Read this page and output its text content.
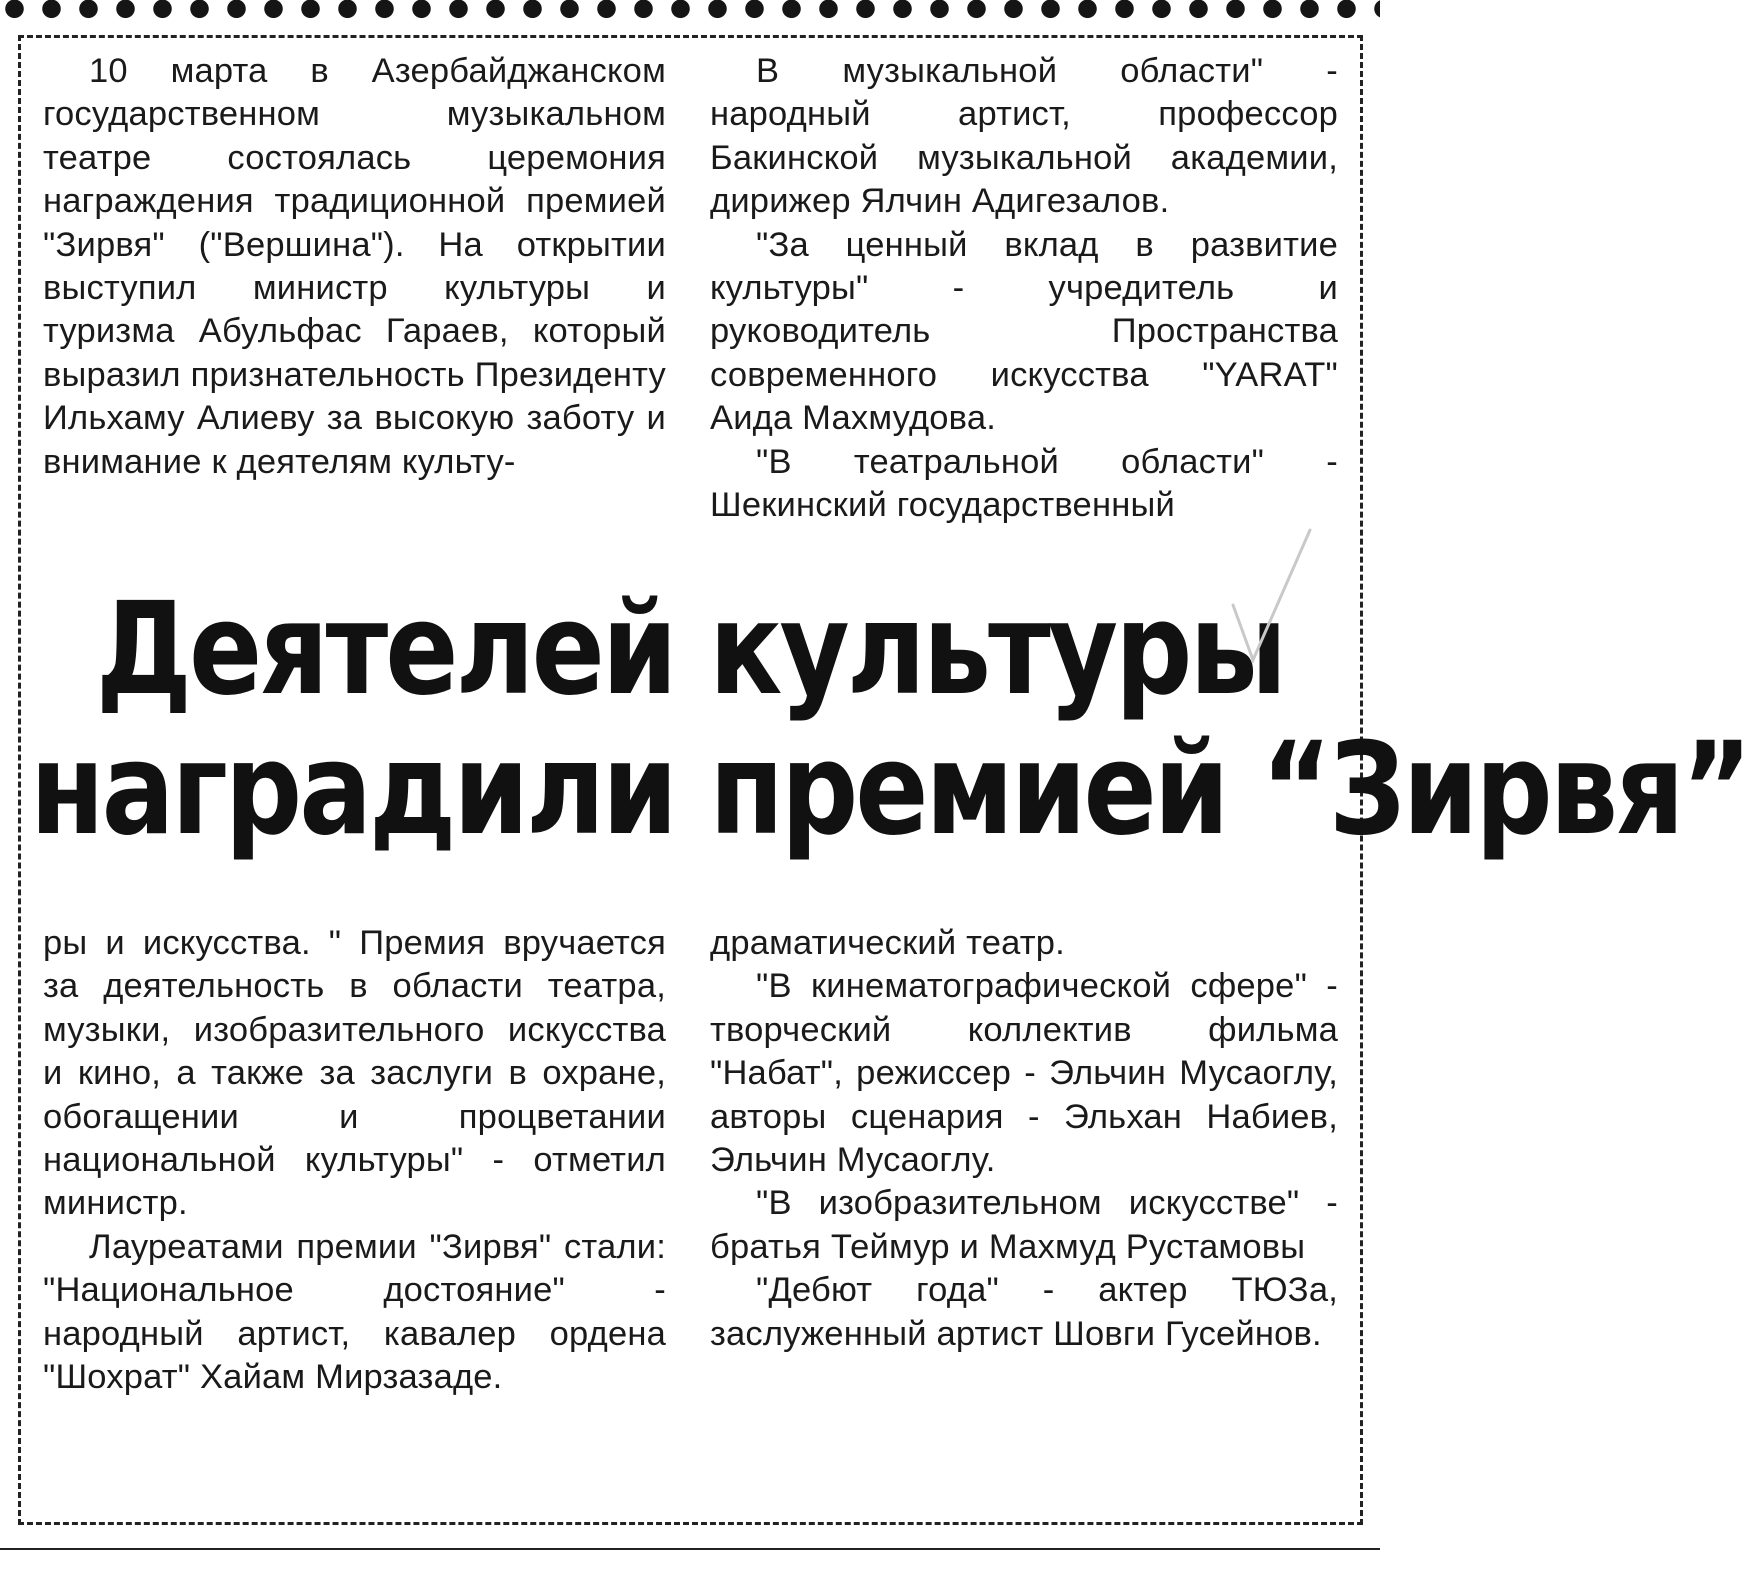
10 марта в Азербайджанском государственном музыкальном театре состоялась церемония награждения традиционной премией "Зирвя" ("Вершина"). На открытии выступил министр культуры и туризма Абульфас Гараев, который выразил признательность Президенту Ильхаму Алиеву за высокую заботу и внимание к деятелям культу-

В музыкальной области" - народный артист, профессор Бакинской музыкальной академии, дирижер Ялчин Адигезалов.

"За ценный вклад в развитие культуры" - учредитель и руководитель Пространства современного искусства "YARAT" Аида Махмудова.

"В театральной области" - Шекинский государственный

Деятелей культуры
наградили премией “Зирвя”

ры и искусства. " Премия вручается за деятельность в области театра, музыки, изобразительного искусства и кино, а также за заслуги в охране, обогащении и процветании национальной культуры" - отметил министр.

Лауреатами премии "Зирвя" стали: "Национальное достояние" - народный артист, кавалер ордена "Шохрат" Хайам Мирзазаде.

драматический театр.

"В кинематографической сфере" - творческий коллектив фильма "Набат", режиссер - Эльчин Мусаоглу, авторы сценария - Эльхан Набиев, Эльчин Мусаоглу.

"В изобразительном искусстве" - братья Теймур и Махмуд Рустамовы

"Дебют года" - актер ТЮЗа, заслуженный артист Шовги Гусейнов.
